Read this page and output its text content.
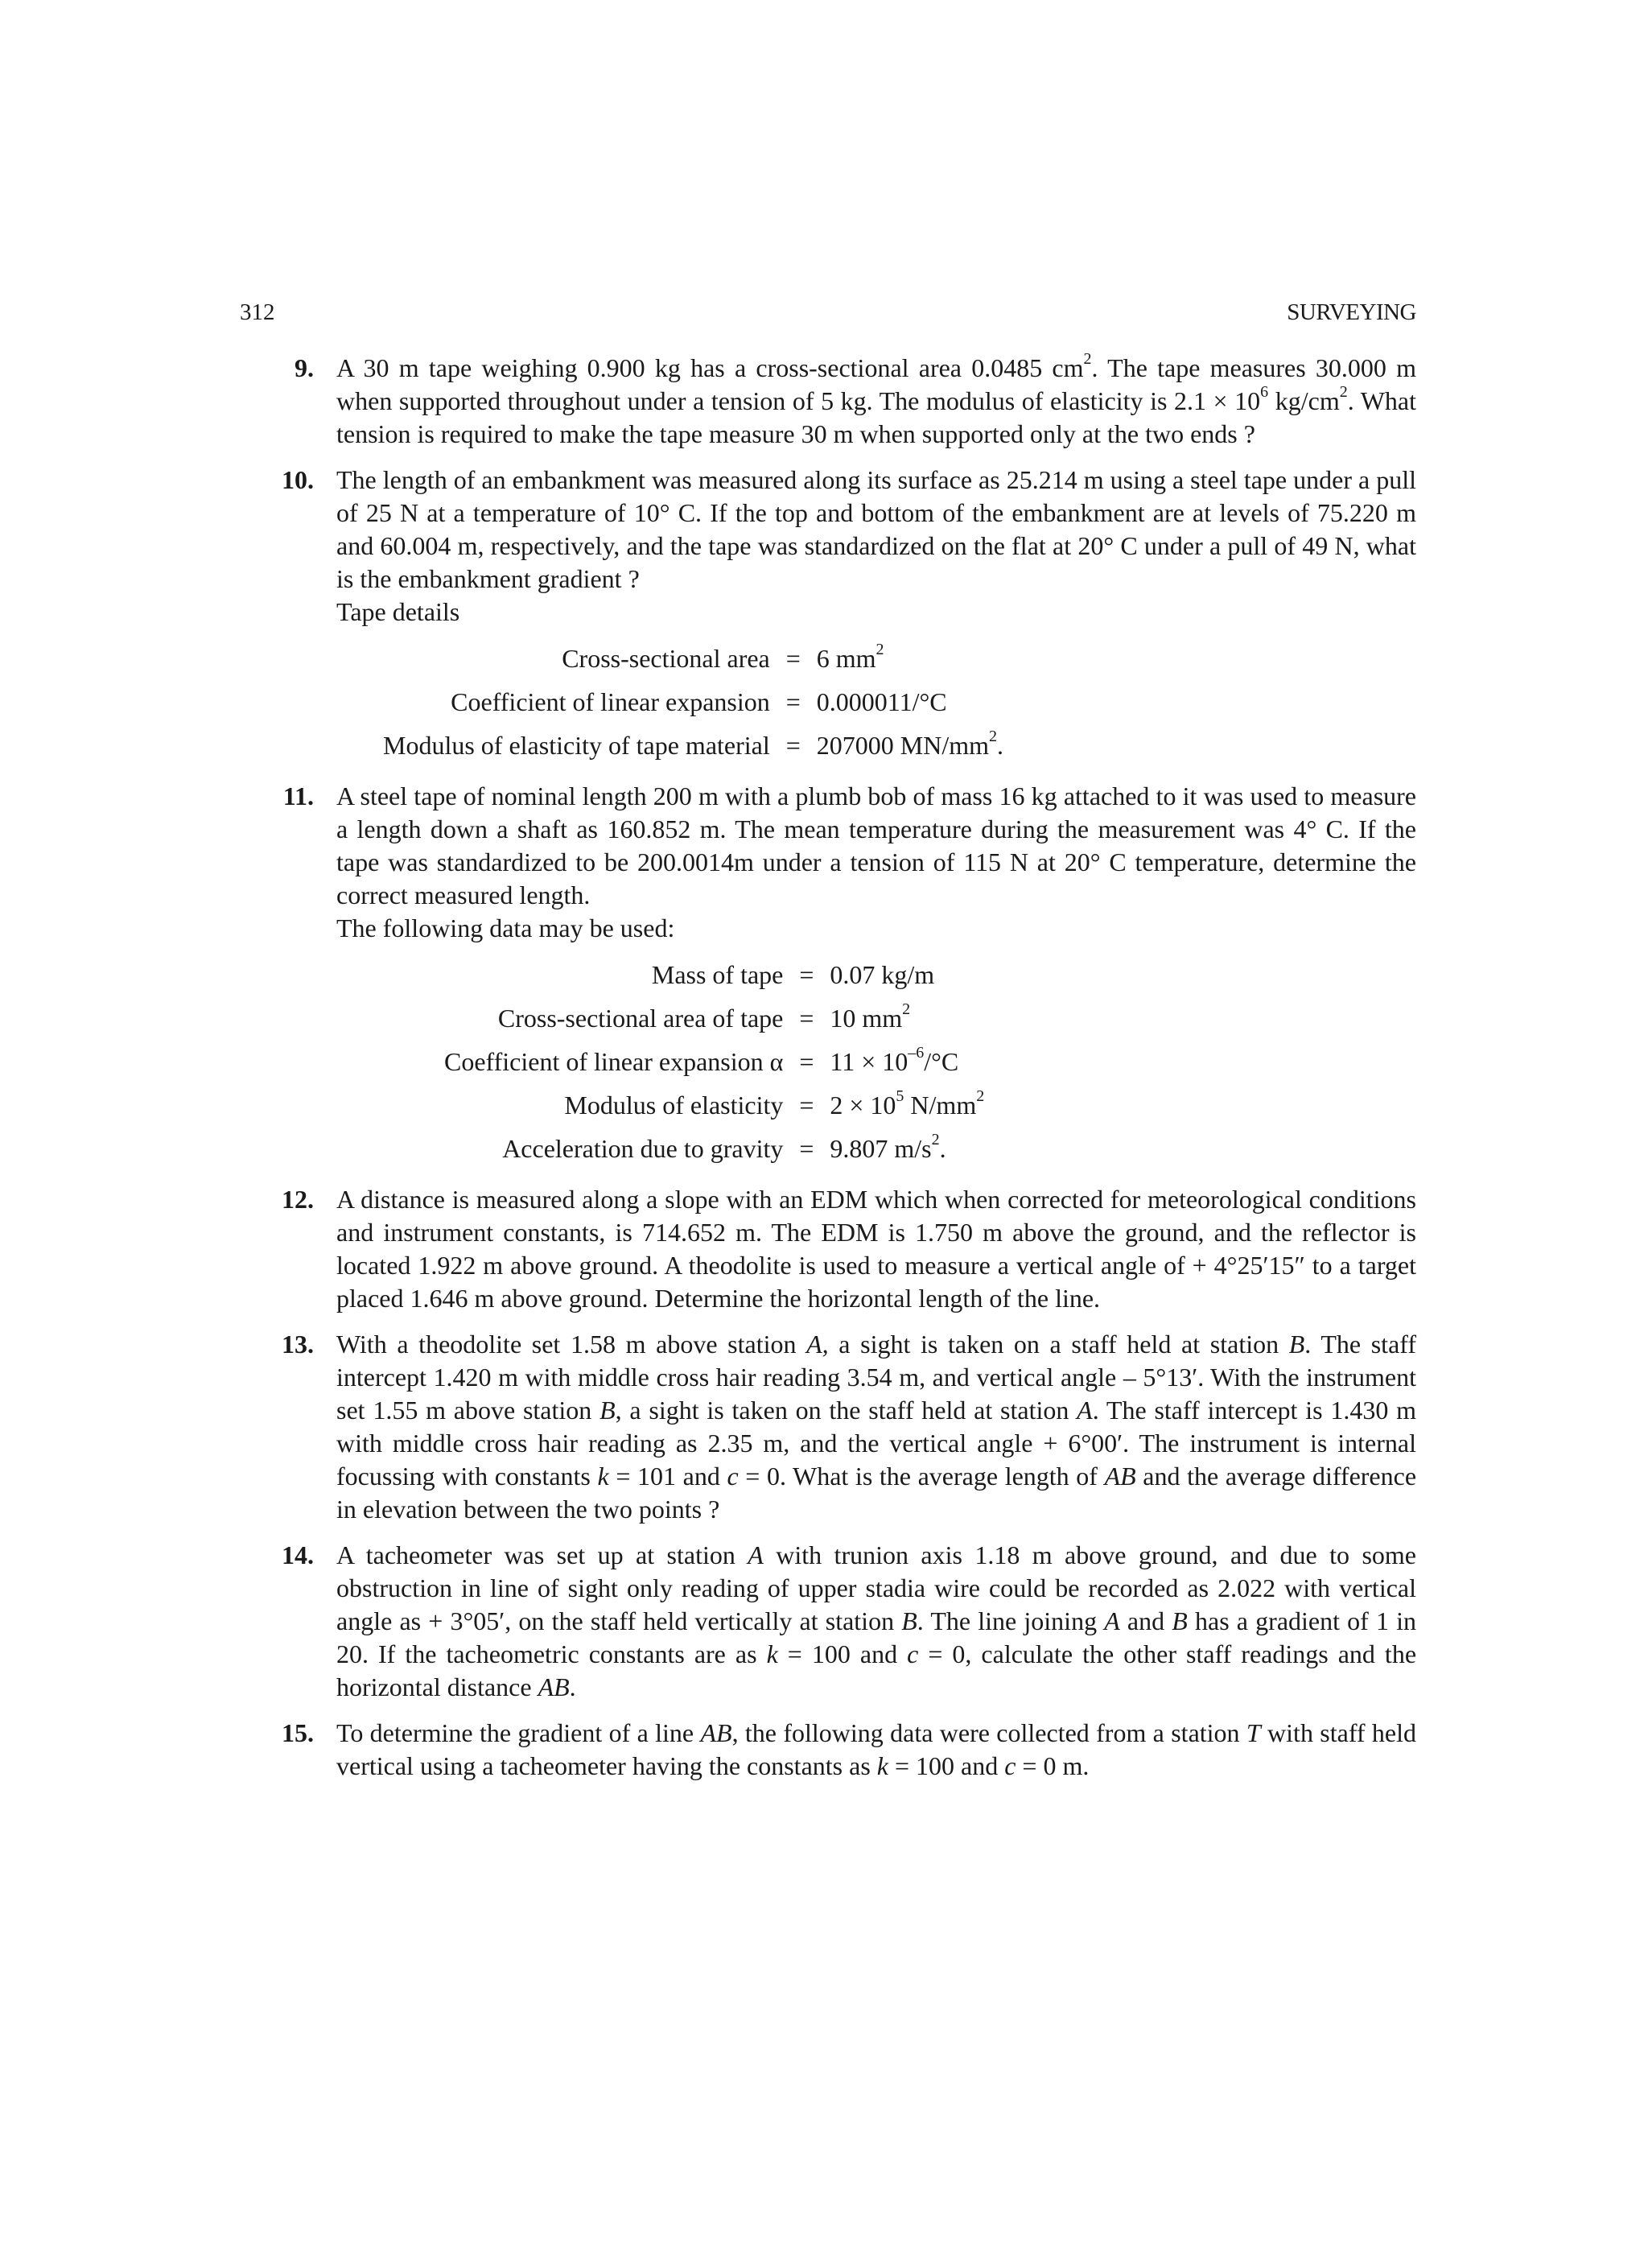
312	SURVEYING
9. A 30 m tape weighing 0.900 kg has a cross-sectional area 0.0485 $cm^2$. The tape measures 30.000 m when supported throughout under a tension of 5 kg. The modulus of elasticity is $2.1 \times 10^6$ $kg/cm^2$. What tension is required to make the tape measure 30 m when supported only at the two ends ?

10. The length of an embankment was measured along its surface as 25.214 m using a steel tape under a pull of 25 N at a temperature of 10° C. If the top and bottom of the embankment are at levels of 75.220 m and 60.004 m, respectively, and the tape was standardized on the flat at 20° C under a pull of 49 N, what is the embankment gradient ?

Tape details

Cross-sectional area	=	6 $mm^2$
Coefficient of linear expansion	=	0.000011/°C
Modulus of elasticity of tape material	=	207000 $MN/mm^2$.
11. A steel tape of nominal length 200 m with a plumb bob of mass 16 kg attached to it was used to measure a length down a shaft as 160.852 m. The mean temperature during the measurement was 4° C. If the tape was standardized to be 200.0014m under a tension of 115 N at 20° C temperature, determine the correct measured length.

The following data may be used:

Mass of tape	=	0.07 kg/m
Cross-sectional area of tape	=	10 $mm^2$
Coefficient of linear expansion α	=	$11 \times 10^{-6}/^\circ C$
Modulus of elasticity	=	$2 \times 10^5$ $N/mm^2$
Acceleration due to gravity	=	9.807 $m/s^2$.
12. A distance is measured along a slope with an EDM which when corrected for meteorological conditions and instrument constants, is 714.652 m. The EDM is 1.750 m above the ground, and the reflector is located 1.922 m above ground. A theodolite is used to measure a vertical angle of + 4°25′15″ to a target placed 1.646 m above ground. Determine the horizontal length of the line.

13. With a theodolite set 1.58 m above station A, a sight is taken on a staff held at station B. The staff intercept 1.420 m with middle cross hair reading 3.54 m, and vertical angle – 5°13′. With the instrument set 1.55 m above station B, a sight is taken on the staff held at station A. The staff intercept is 1.430 m with middle cross hair reading as 2.35 m, and the vertical angle + 6°00′. The instrument is internal focussing with constants k = 101 and c = 0. What is the average length of AB and the average difference in elevation between the two points ?

14. A tacheometer was set up at station A with trunion axis 1.18 m above ground, and due to some obstruction in line of sight only reading of upper stadia wire could be recorded as 2.022 with vertical angle as + 3°05′, on the staff held vertically at station B. The line joining A and B has a gradient of 1 in 20. If the tacheometric constants are as k = 100 and c = 0, calculate the other staff readings and the horizontal distance AB.

15. To determine the gradient of a line AB, the following data were collected from a station T with staff held vertical using a tacheometer having the constants as k = 100 and c = 0 m.
